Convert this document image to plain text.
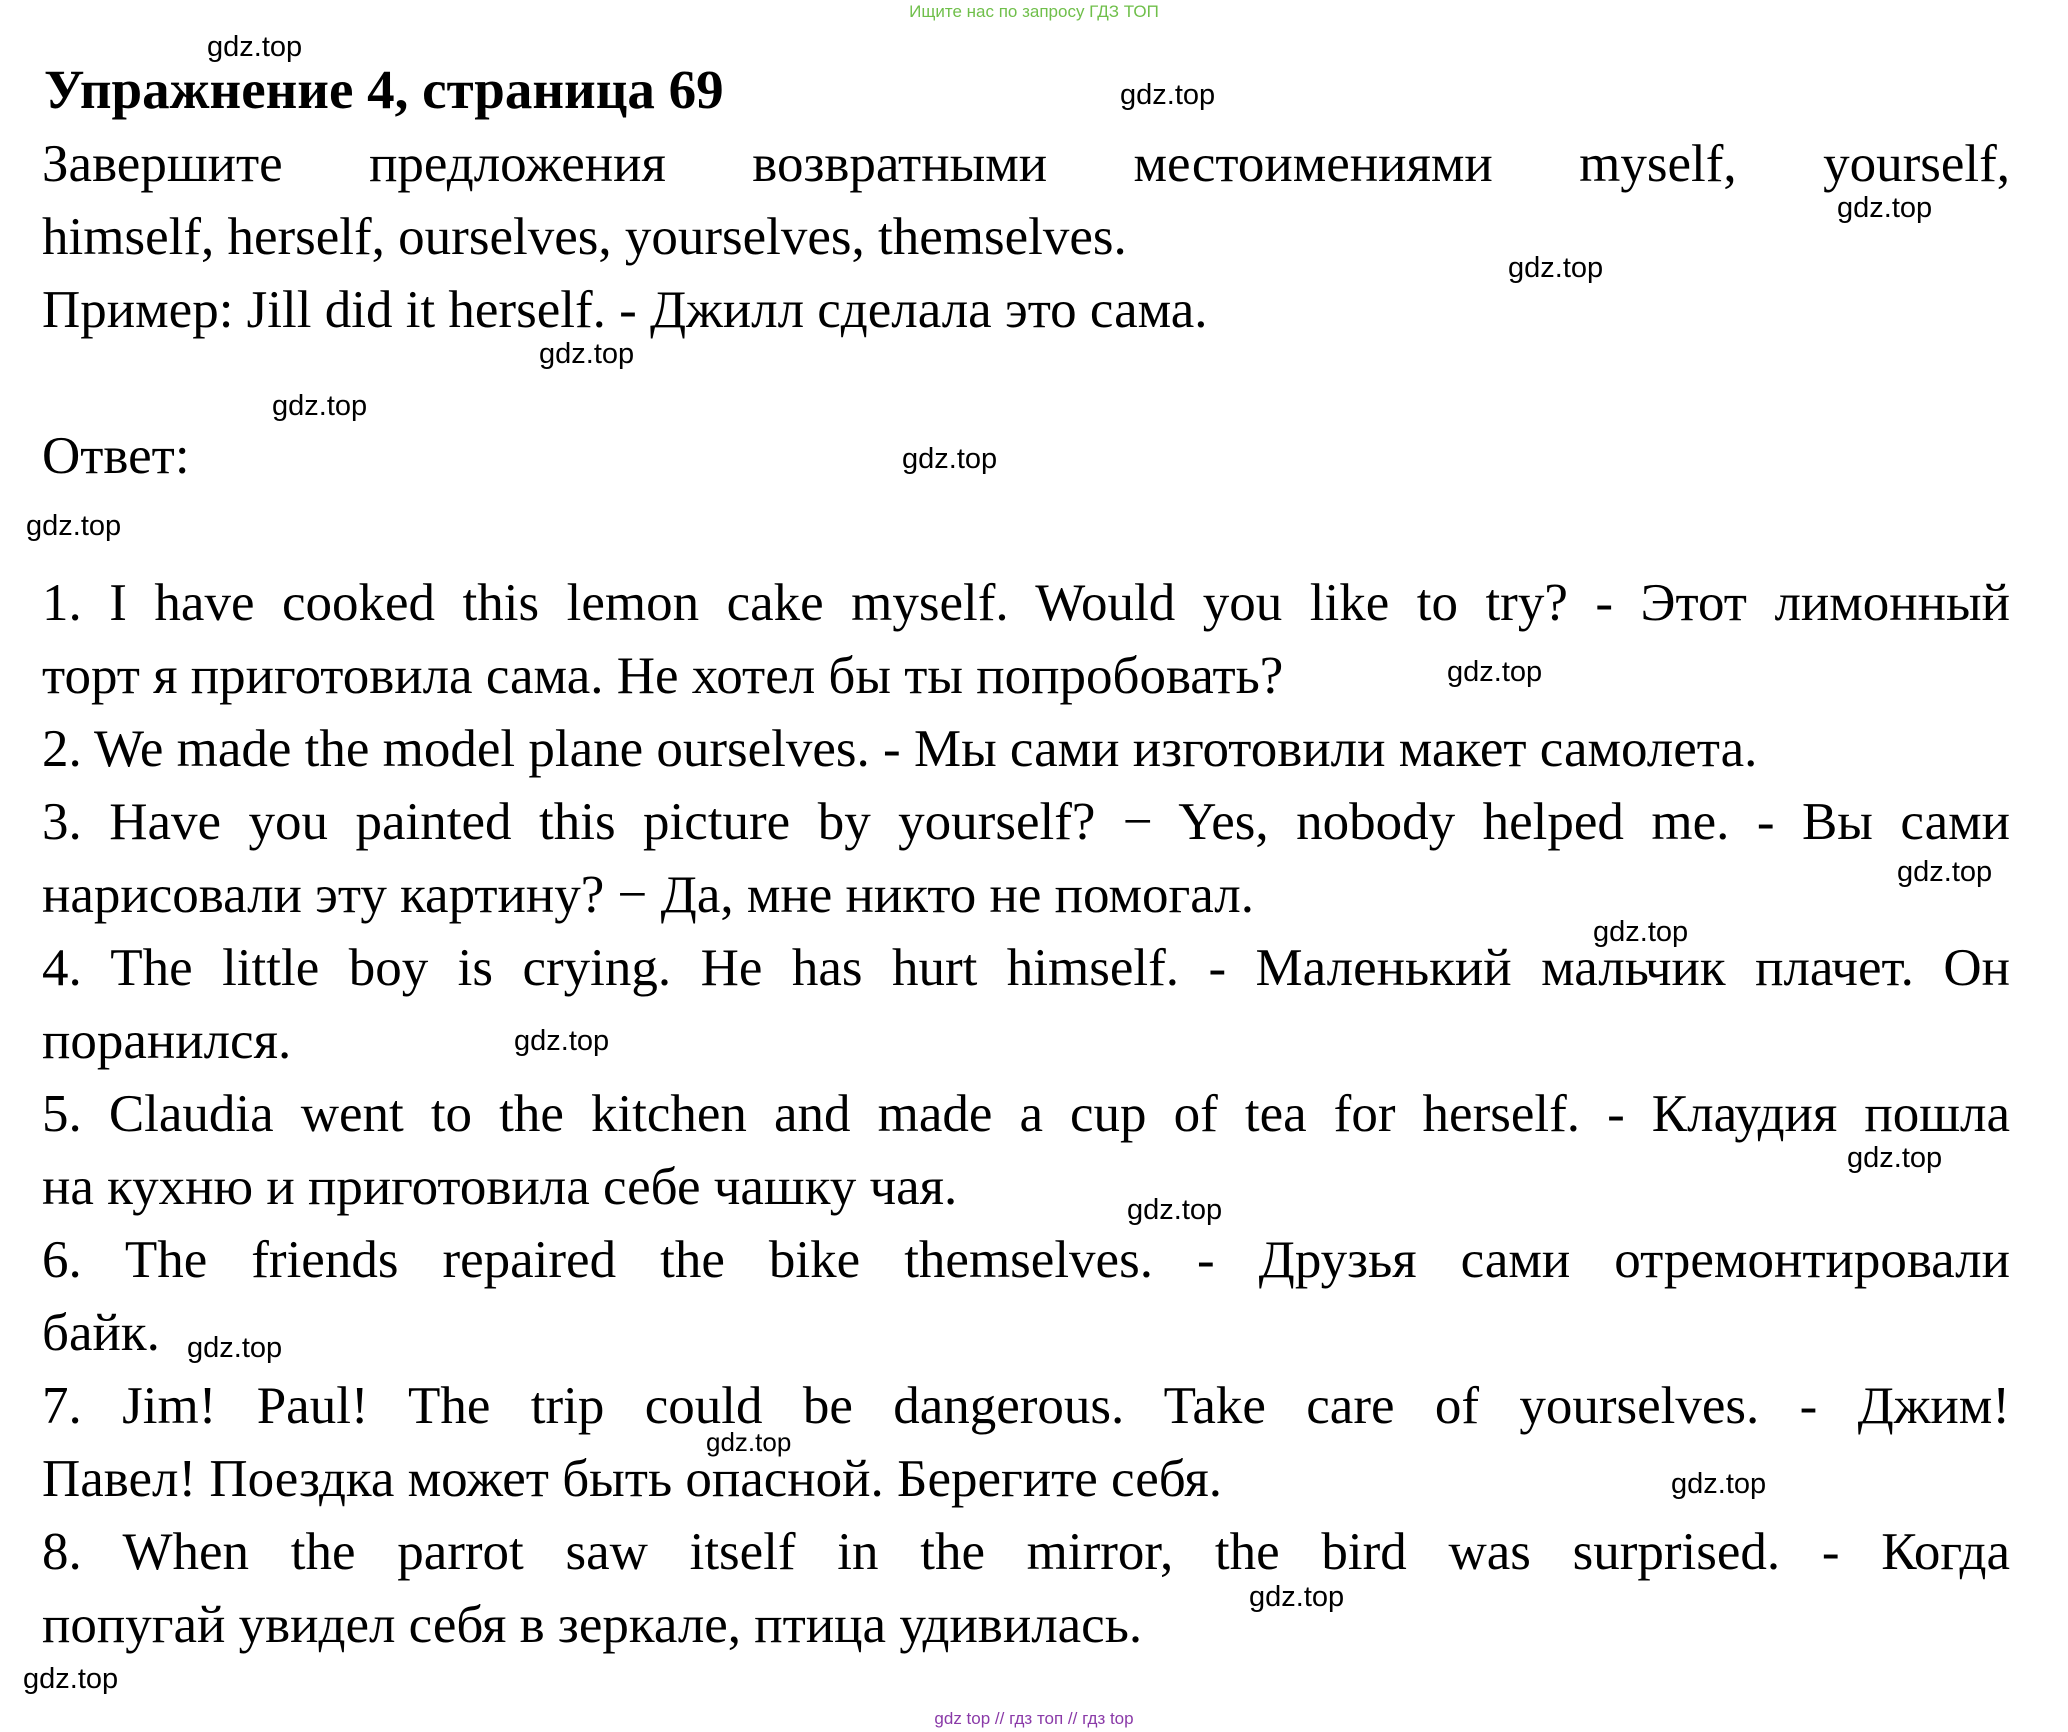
Ищите нас по запросу ГДЗ ТОП
Упражнение 4, страница 69
Завершите предложения возвратными местоимениями myself, yourself,
himself, herself, ourselves, yourselves, themselves.
Пример: Jill did it herself. - Джилл сделала это сама.
Ответ:
1. I have cooked this lemon cake myself. Would you like to try? - Этот лимонный
торт я приготовила сама. Не хотел бы ты попробовать?
2. We made the model plane ourselves. - Мы сами изготовили макет самолета.
3. Have you painted this picture by yourself? − Yes, nobody helped me. - Вы сами
нарисовали эту картину? − Да, мне никто не помогал.
4. The little boy is crying. He has hurt himself. - Маленький мальчик плачет. Он
поранился.
5. Claudia went to the kitchen and made a cup of tea for herself. - Клаудия пошла
на кухню и приготовила себе чашку чая.
6. The friends repaired the bike themselves. - Друзья сами отремонтировали
байк.
7. Jim! Paul! The trip could be dangerous. Take care of yourselves. - Джим!
Павел! Поездка может быть опасной. Берегите себя.
8. When the parrot saw itself in the mirror, the bird was surprised. - Когда
попугай увидел себя в зеркале, птица удивилась.
gdz.top
gdz.top
gdz.top
gdz.top
gdz.top
gdz.top
gdz.top
gdz.top
gdz.top
gdz.top
gdz.top
gdz.top
gdz.top
gdz.top
gdz.top
gdz.top
gdz.top
gdz.top
gdz.top
gdz top // гдз топ // гдз top
